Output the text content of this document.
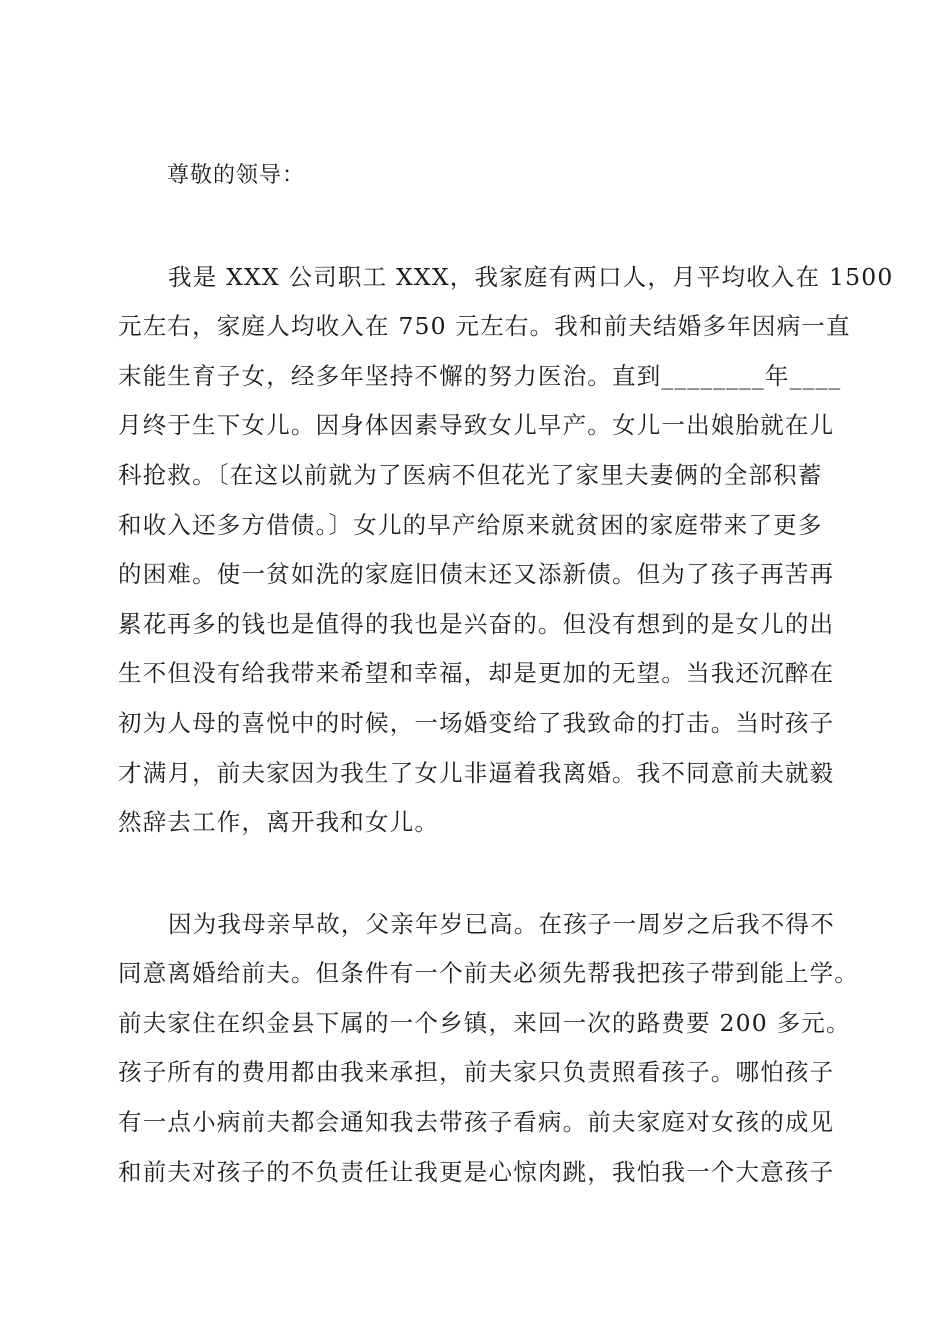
尊敬的领导：
我是 XXX 公司职工 XXX，我家庭有两口人，月平均收入在 1500
元左右，家庭人均收入在 750 元左右。我和前夫结婚多年因病一直
末能生育子女，经多年坚持不懈的努力医治。直到________年____
月终于生下女儿。因身体因素导致女儿早产。女儿一出娘胎就在儿
科抢救。〔在这以前就为了医病不但花光了家里夫妻俩的全部积蓄
和收入还多方借债。〕女儿的早产给原来就贫困的家庭带来了更多
的困难。使一贫如洗的家庭旧债末还又添新债。但为了孩子再苦再
累花再多的钱也是值得的我也是兴奋的。但没有想到的是女儿的出
生不但没有给我带来希望和幸福，却是更加的无望。当我还沉醉在
初为人母的喜悦中的时候，一场婚变给了我致命的打击。当时孩子
才满月，前夫家因为我生了女儿非逼着我离婚。我不同意前夫就毅
然辞去工作，离开我和女儿。
因为我母亲早故，父亲年岁已高。在孩子一周岁之后我不得不
同意离婚给前夫。但条件有一个前夫必须先帮我把孩子带到能上学。
前夫家住在织金县下属的一个乡镇，来回一次的路费要 200 多元。
孩子所有的费用都由我来承担，前夫家只负责照看孩子。哪怕孩子
有一点小病前夫都会通知我去带孩子看病。前夫家庭对女孩的成见
和前夫对孩子的不负责任让我更是心惊肉跳，我怕我一个大意孩子
